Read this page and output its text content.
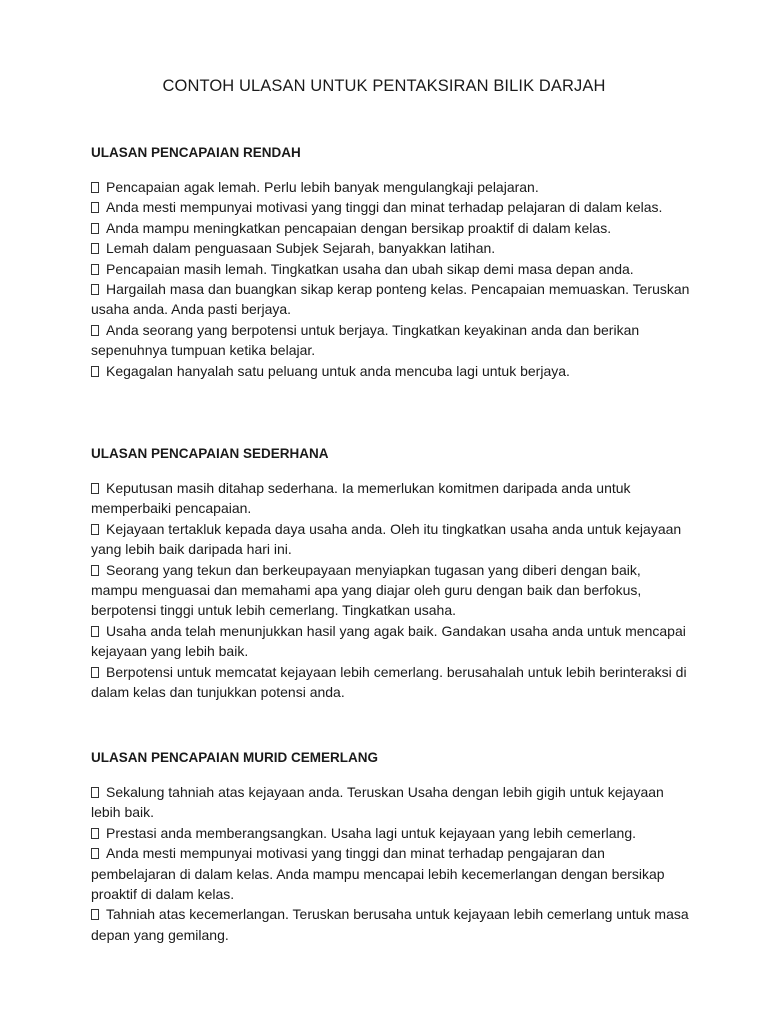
CONTOH ULASAN UNTUK PENTAKSIRAN BILIK DARJAH
ULASAN PENCAPAIAN RENDAH
Pencapaian agak lemah. Perlu lebih banyak mengulangkaji pelajaran.
Anda mesti mempunyai motivasi yang tinggi dan minat terhadap pelajaran di dalam kelas.
Anda mampu meningkatkan pencapaian dengan bersikap proaktif di dalam kelas.
Lemah dalam penguasaan Subjek Sejarah, banyakkan latihan.
Pencapaian masih lemah. Tingkatkan usaha dan ubah sikap demi masa depan anda.
Hargailah masa dan buangkan sikap kerap ponteng kelas. Pencapaian memuaskan. Teruskan usaha anda. Anda pasti berjaya.
Anda seorang yang berpotensi untuk berjaya. Tingkatkan keyakinan anda dan berikan sepenuhnya tumpuan ketika belajar.
Kegagalan hanyalah satu peluang untuk anda mencuba lagi untuk berjaya.
ULASAN PENCAPAIAN SEDERHANA
Keputusan masih ditahap sederhana. Ia memerlukan komitmen daripada anda untuk memperbaiki pencapaian.
Kejayaan tertakluk kepada daya usaha anda. Oleh itu tingkatkan usaha anda untuk kejayaan yang lebih baik daripada hari ini.
Seorang yang tekun dan berkeupayaan menyiapkan tugasan yang diberi dengan baik, mampu menguasai dan memahami apa yang diajar oleh guru dengan baik dan berfokus, berpotensi tinggi untuk lebih cemerlang. Tingkatkan usaha.
Usaha anda telah menunjukkan hasil yang agak baik. Gandakan usaha anda untuk mencapai kejayaan yang lebih baik.
Berpotensi untuk memcatat kejayaan lebih cemerlang. berusahalah untuk lebih berinteraksi di dalam kelas dan tunjukkan potensi anda.
ULASAN PENCAPAIAN MURID CEMERLANG
Sekalung tahniah atas kejayaan anda. Teruskan Usaha dengan lebih gigih untuk kejayaan lebih baik.
Prestasi anda memberangsangkan. Usaha lagi untuk kejayaan yang lebih cemerlang.
Anda mesti mempunyai motivasi yang tinggi dan minat terhadap pengajaran dan pembelajaran di dalam kelas. Anda mampu mencapai lebih kecemerlangan dengan bersikap proaktif di dalam kelas.
Tahniah atas kecemerlangan. Teruskan berusaha untuk kejayaan lebih cemerlang untuk masa depan yang gemilang.
